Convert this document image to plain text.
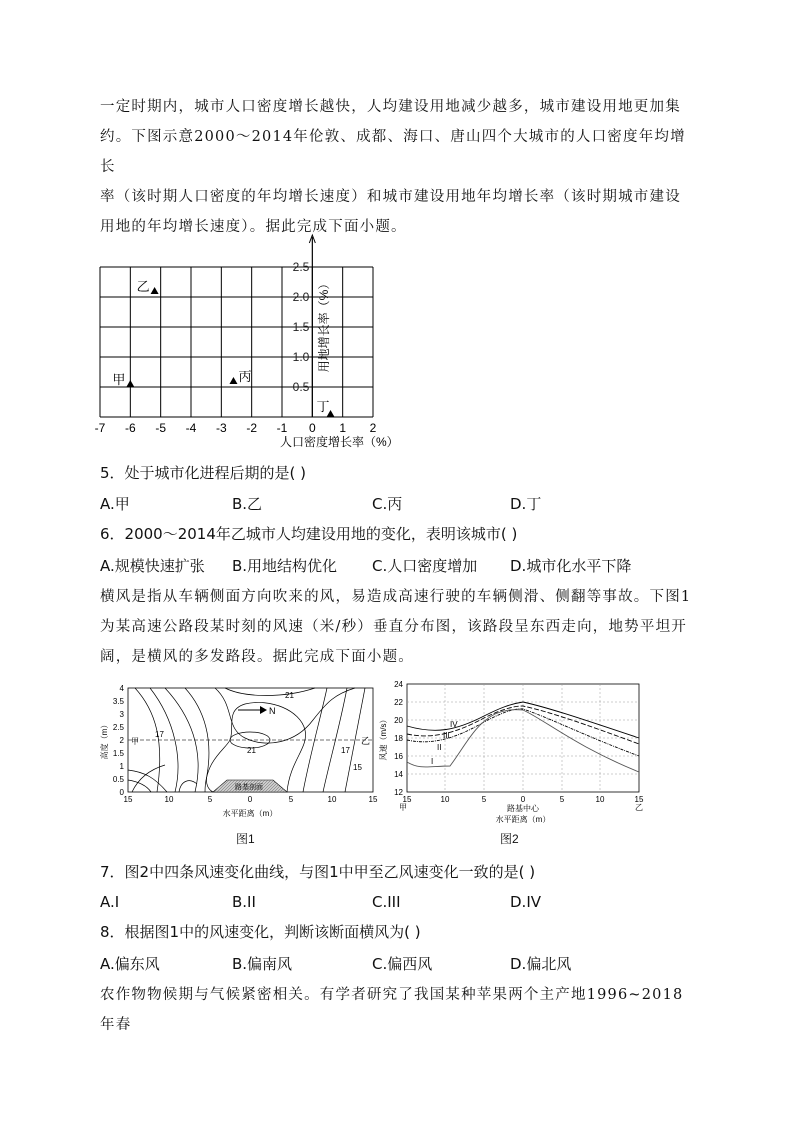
一定时期内，城市人口密度增长越快，人均建设用地减少越多，城市建设用地更加集
约。下图示意2000～2014年伦敦、成都、海口、唐山四个大城市的人口密度年均增长
率（该时期人口密度的年均增长速度）和城市建设用地年均增长率（该时期城市建设
用地的年均增长速度）。据此完成下面小题。
-7 -6 -5 -4 -3 -2 -1 0 1 2
0.5
1.0
1.5
2.0
2.5
甲
乙
丙
丁
人口密度增长率（%）
用地增长率（%）
5．处于城市化进程后期的是( )
A.甲	B.乙	C.丙	D.丁
6．2000～2014年乙城市人均建设用地的变化，表明该城市( )
A.规模快速扩张 B.用地结构优化 C.人口密度增加 D.城市化水平下降
横风是指从车辆侧面方向吹来的风，易造成高速行驶的车辆侧滑、侧翻等事故。下图1
为某高速公路段某时刻的风速（米/秒）垂直分布图，该路段呈东西走向，地势平坦开
阔，是横风的多发路段。据此完成下面小题。
N
21
17
21	17
15
甲	乙
路基剖面
0
0.5
1
1.5
2
2.5
3
3.5
4
高度（m）
15	10	5	0	5	10	15
水平距离（m）
图1
IV
III
II
I
12
14
16
18
20
22
24
风速（m/s）
15	10	5	0	5	10	15
甲	乙
路基中心
水平距离（m）
图2
7．图2中四条风速变化曲线，与图1中甲至乙风速变化一致的是( )
A.I	B.II	C.III	D.IV
8．根据图1中的风速变化，判断该断面横风为( )
A.偏东风	B.偏南风	C.偏西风	D.偏北风
农作物物候期与气候紧密相关。有学者研究了我国某种苹果两个主产地1996~2018年春
